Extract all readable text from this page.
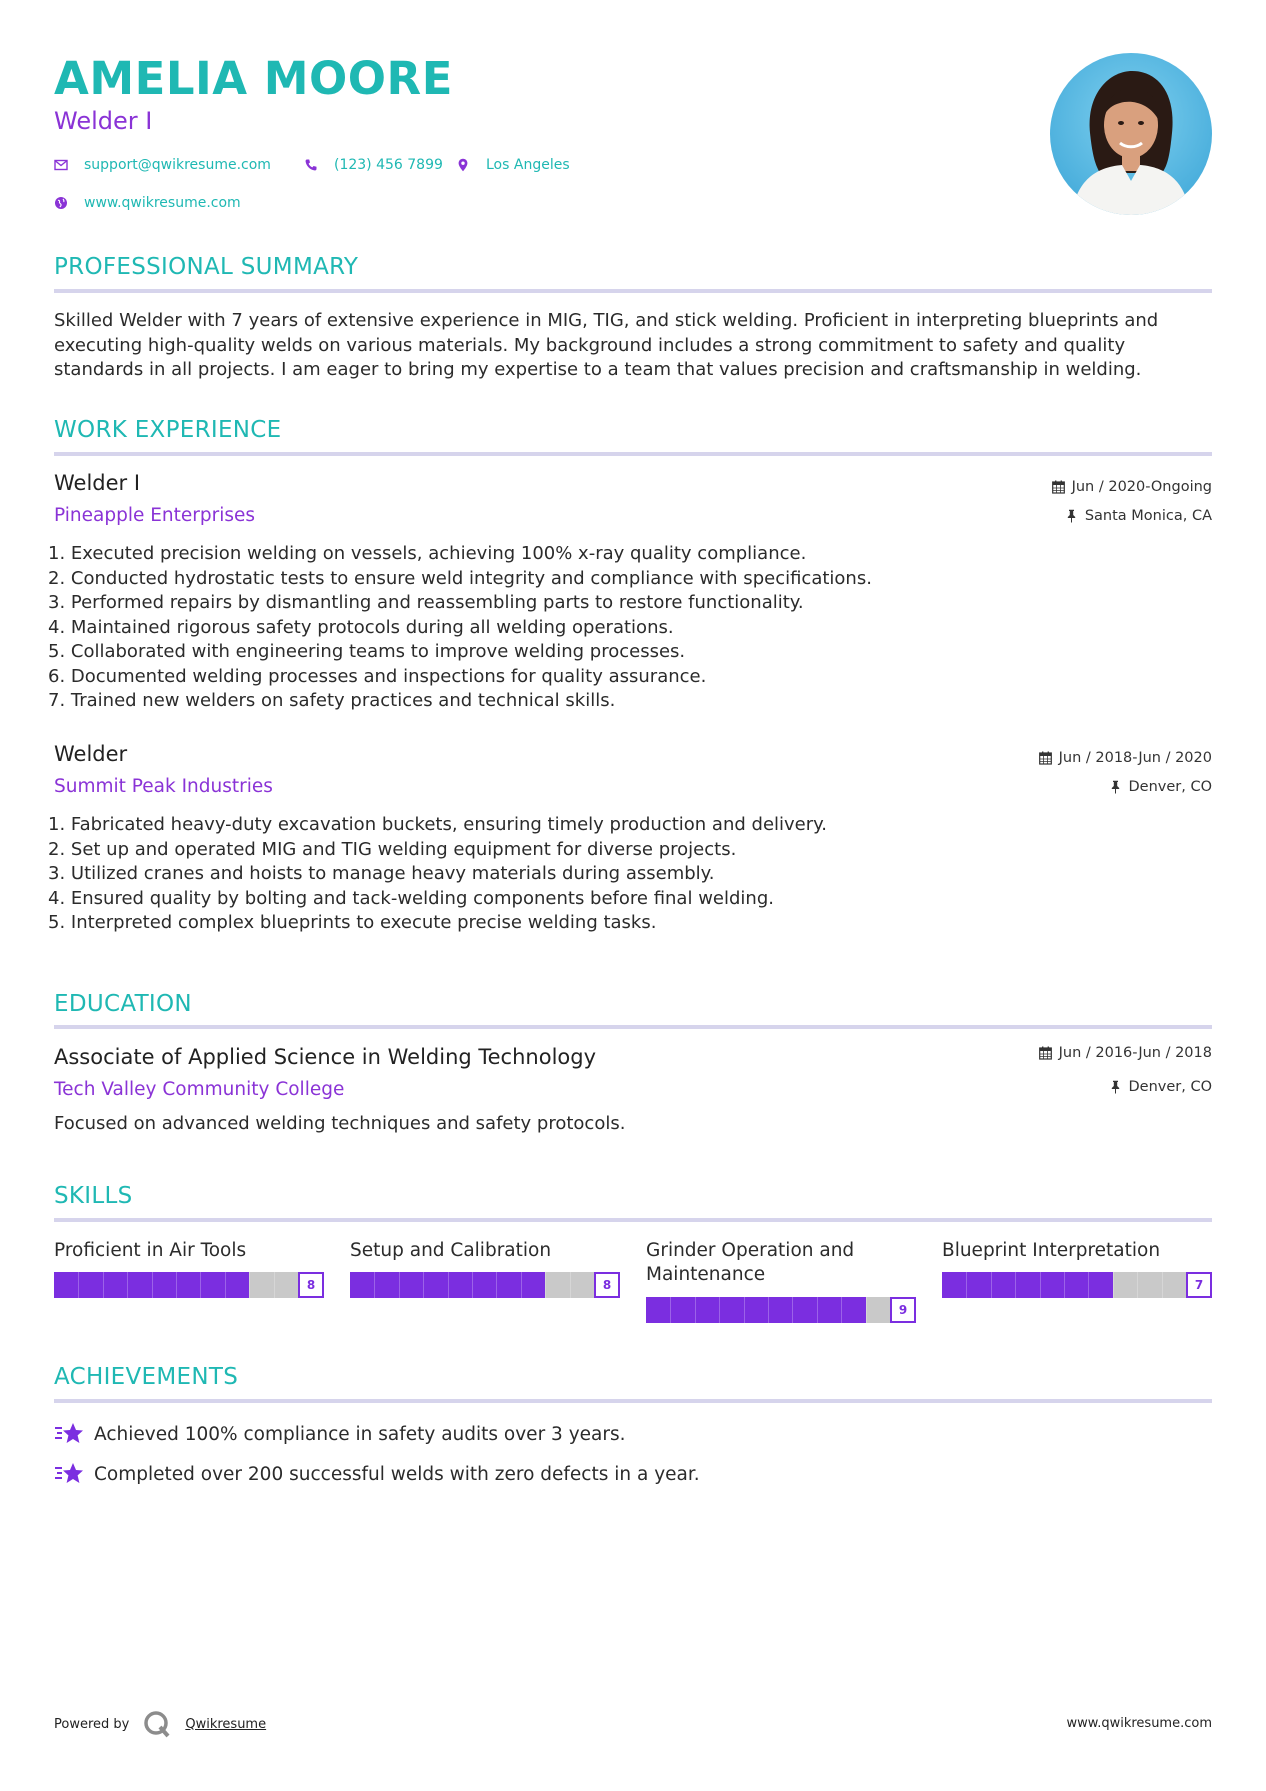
AMELIA MOORE
Welder I
support@qwikresume.com	(123) 456 7899	Los Angeles
www.qwikresume.com
PROFESSIONAL SUMMARY
Skilled Welder with 7 years of extensive experience in MIG, TIG, and stick welding. Proficient in interpreting blueprints and executing high-quality welds on various materials. My background includes a strong commitment to safety and quality standards in all projects. I am eager to bring my expertise to a team that values precision and craftsmanship in welding.
WORK EXPERIENCE
Welder I
Pineapple Enterprises
Jun / 2020-Ongoing
Santa Monica, CA
1. Executed precision welding on vessels, achieving 100% x-ray quality compliance.
2. Conducted hydrostatic tests to ensure weld integrity and compliance with specifications.
3. Performed repairs by dismantling and reassembling parts to restore functionality.
4. Maintained rigorous safety protocols during all welding operations.
5. Collaborated with engineering teams to improve welding processes.
6. Documented welding processes and inspections for quality assurance.
7. Trained new welders on safety practices and technical skills.
Welder
Summit Peak Industries
Jun / 2018-Jun / 2020
Denver, CO
1. Fabricated heavy-duty excavation buckets, ensuring timely production and delivery.
2. Set up and operated MIG and TIG welding equipment for diverse projects.
3. Utilized cranes and hoists to manage heavy materials during assembly.
4. Ensured quality by bolting and tack-welding components before final welding.
5. Interpreted complex blueprints to execute precise welding tasks.
EDUCATION
Associate of Applied Science in Welding Technology
Tech Valley Community College
Jun / 2016-Jun / 2018
Denver, CO
Focused on advanced welding techniques and safety protocols.
SKILLS
Proficient in Air Tools
8
Setup and Calibration
8
Grinder Operation and Maintenance
9
Blueprint Interpretation
7
ACHIEVEMENTS
Achieved 100% compliance in safety audits over 3 years.
Completed over 200 successful welds with zero defects in a year.
Powered by	Qwikresume	www.qwikresume.com
